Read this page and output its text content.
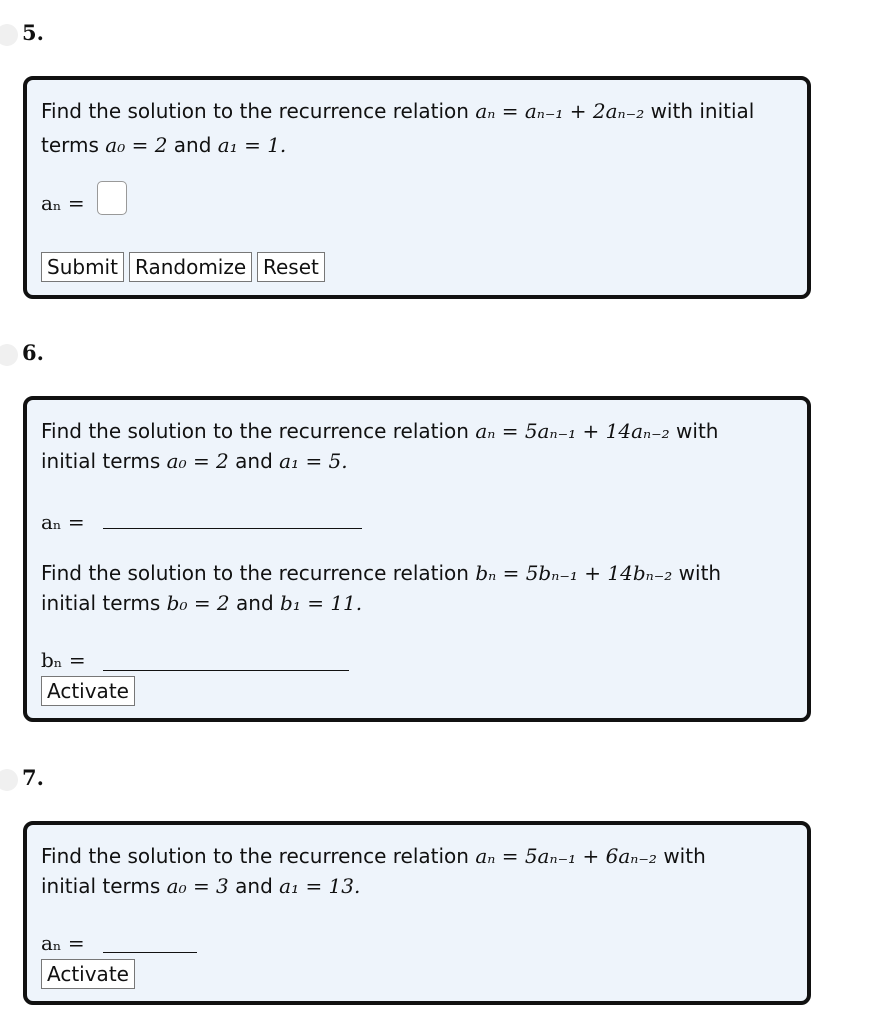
5.
Find the solution to the recurrence relation aₙ = aₙ₋₁ + 2aₙ₋₂ with initial
terms a₀ = 2 and a₁ = 1.
aₙ =
Submit Randomize Reset
6.
Find the solution to the recurrence relation aₙ = 5aₙ₋₁ + 14aₙ₋₂ with
initial terms a₀ = 2 and a₁ = 5.
aₙ =
Find the solution to the recurrence relation bₙ = 5bₙ₋₁ + 14bₙ₋₂ with
initial terms b₀ = 2 and b₁ = 11.
bₙ =
Activate
7.
Find the solution to the recurrence relation aₙ = 5aₙ₋₁ + 6aₙ₋₂ with
initial terms a₀ = 3 and a₁ = 13.
aₙ =
Activate
